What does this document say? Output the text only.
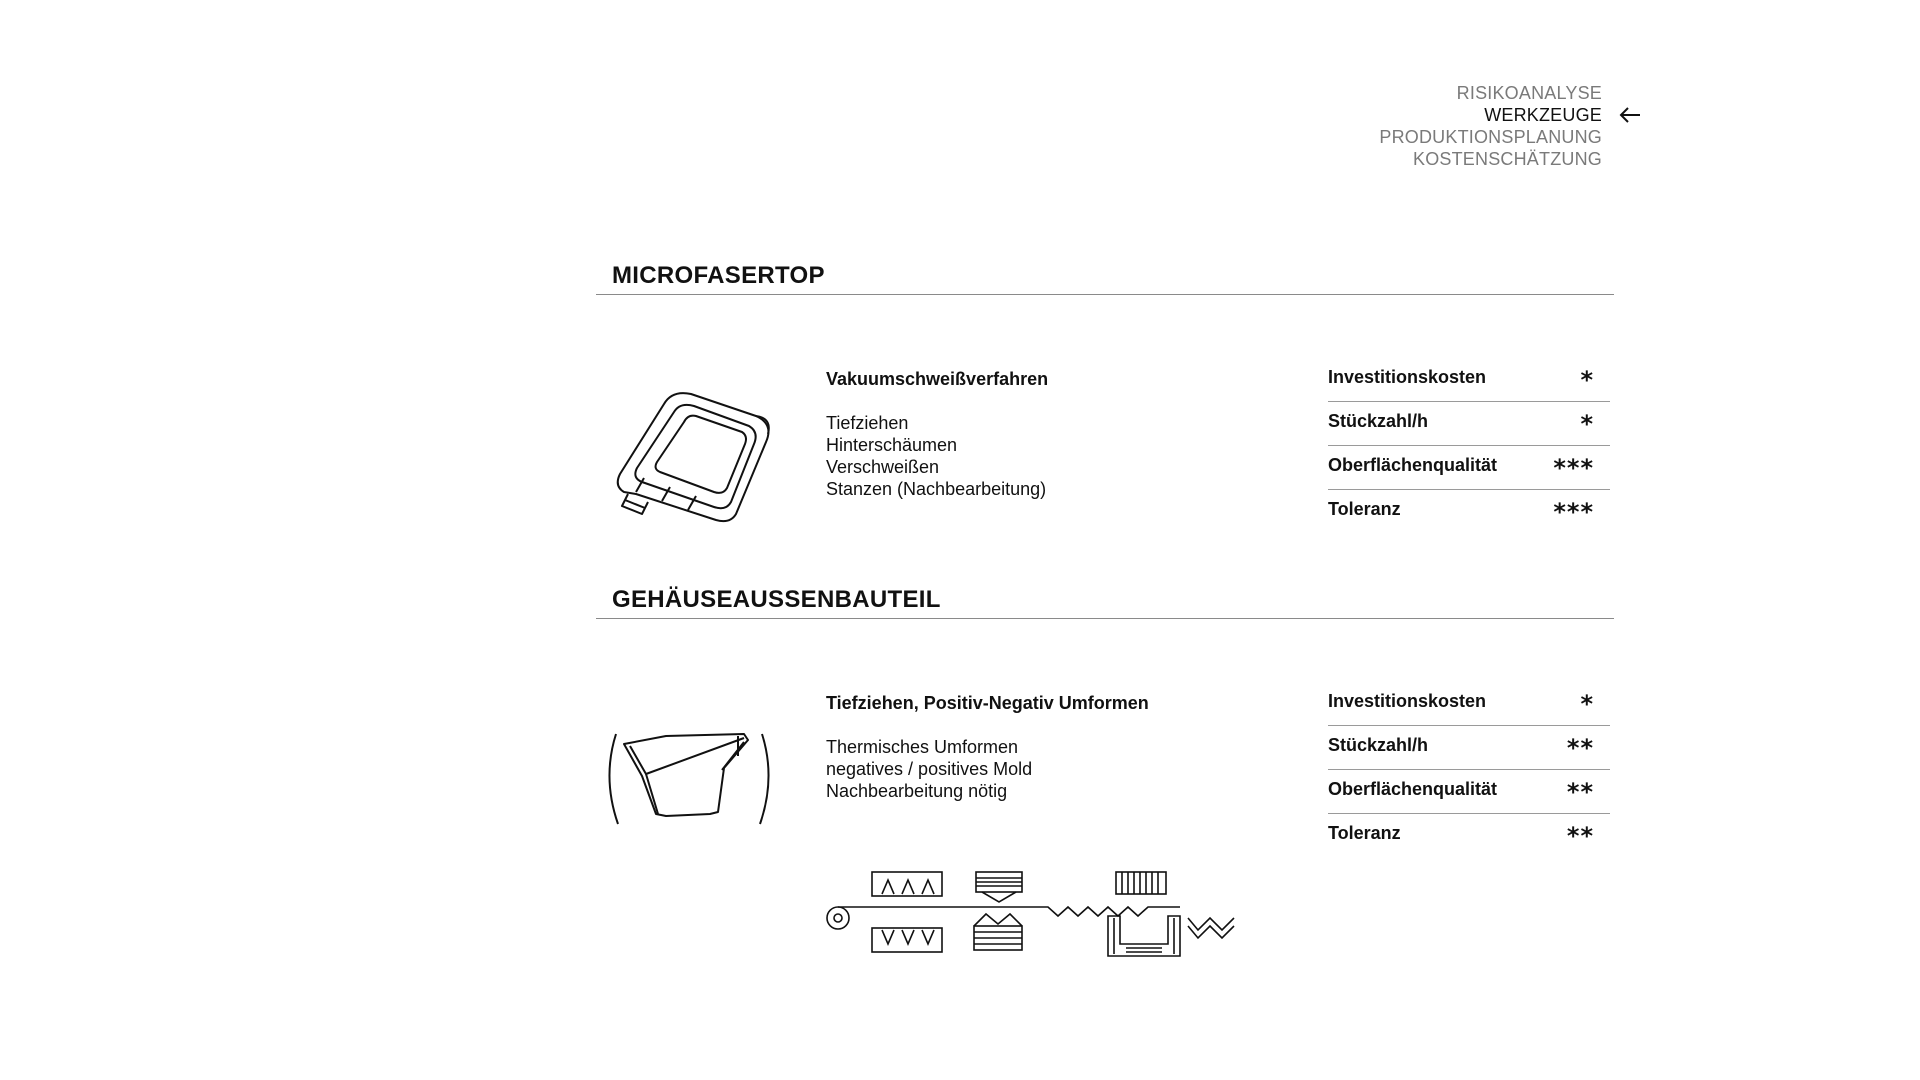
RISIKOANALYSE
WERKZEUGE
PRODUKTIONSPLANUNG
KOSTENSCHÄTZUNG
MICROFASERTOP
Vakuumschweißverfahren
Tiefziehen
Hinterschäumen
Verschweißen
Stanzen (Nachbearbeitung)
Investitionskosten	*
Stückzahl/h	*
Oberflächenqualität ***
Toleranz	***
GEHÄUSEAUSSENBAUTEIL
Tiefziehen, Positiv-Negativ Umformen
Thermisches Umformen
negatives / positives Mold
Nachbearbeitung nötig
Investitionskosten	*
Stückzahl/h	**
Oberflächenqualität	**
Toleranz	**
